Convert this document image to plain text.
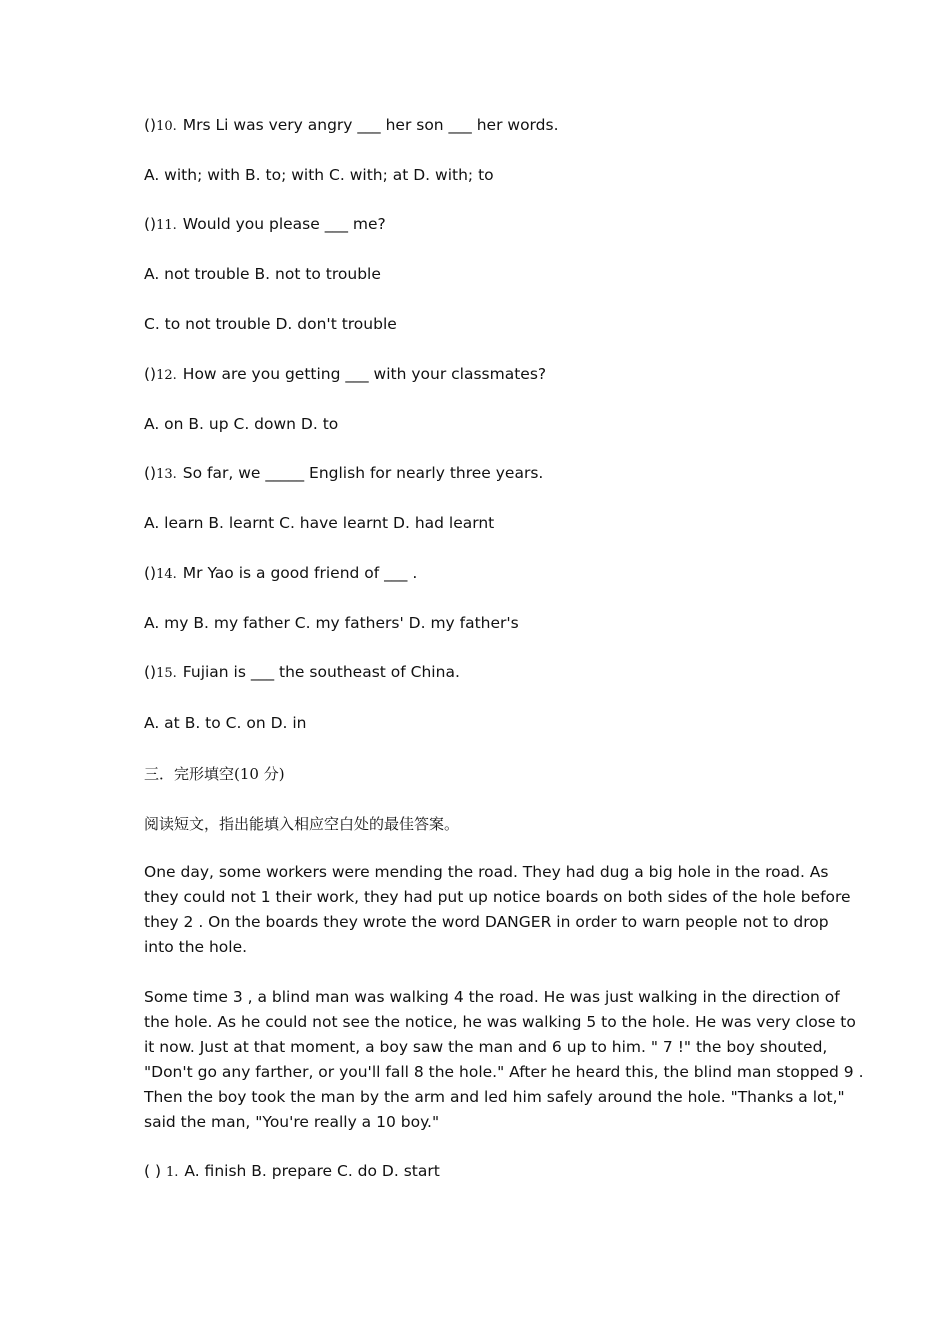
()10. Mrs Li was very angry ___ her son ___ her words.
A. with; with B. to; with C. with; at D. with; to
()11. Would you please ___ me?
A. not trouble B. not to trouble
C. to not trouble D. don't trouble
()12. How are you getting ___ with your classmates?
A. on B. up C. down D. to
()13. So far, we _____ English for nearly three years.
A. learn B. learnt C. have learnt D. had learnt
()14. Mr Yao is a good friend of ___ .
A. my B. my father C. my fathers' D. my father's
()15. Fujian is ___ the southeast of China.
A. at B. to C. on D. in
三．完形填空(10 分)
阅读短文，指出能填入相应空白处的最佳答案。
One day, some workers were mending the road. They had dug a big hole in the road. As
they could not 1 their work, they had put up notice boards on both sides of the hole before
they 2 . On the boards they wrote the word DANGER in order to warn people not to drop
into the hole.
Some time 3 , a blind man was walking 4 the road. He was just walking in the direction of
the hole. As he could not see the notice, he was walking 5 to the hole. He was very close to
it now. Just at that moment, a boy saw the man and 6 up to him. " 7 !" the boy shouted,
"Don't go any farther, or you'll fall 8 the hole." After he heard this, the blind man stopped 9 .
Then the boy took the man by the arm and led him safely around the hole. "Thanks a lot,"
said the man, "You're really a 10 boy."
( ) 1. A. finish B. prepare C. do D. start
